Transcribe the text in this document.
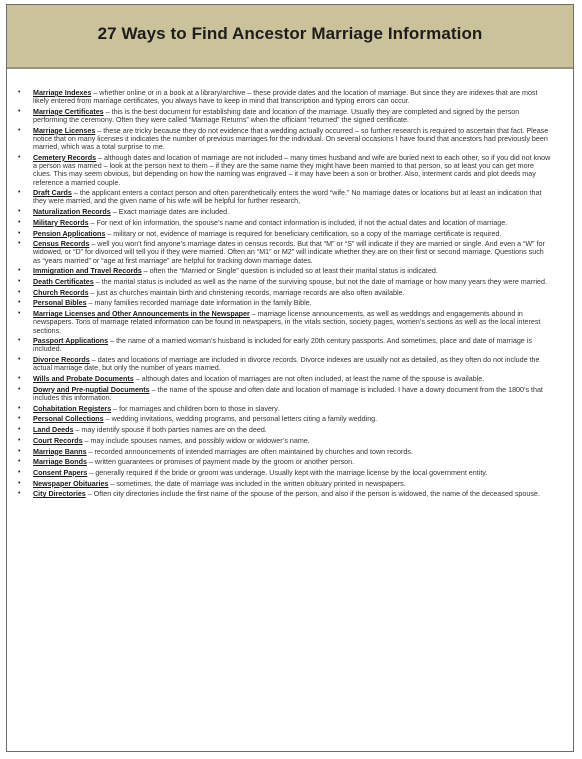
27 Ways to Find Ancestor Marriage Information
• Marriage Indexes – whether online or in a book at a library/archive – these provide dates and the location of marriage. But since they are indexes that are most likely entered from marriage certificates, you always have to keep in mind that transcription and typing errors can occur.
• Marriage Certificates – this is the best document for establishing date and location of the marriage. Usually they are completed and signed by the person performing the ceremony. Often they were called “Marriage Returns” when the officiant “returned” the signed certificate.
• Marriage Licenses – these are tricky because they do not evidence that a wedding actually occurred – so further research is required to ascertain that fact. Please notice that on many licenses it indicates the number of previous marriages for the individual. On several occasions I have found that ancestors had previously been married, which was a total surprise to me.
• Cemetery Records – although dates and location of marriage are not included – many times husband and wife are buried next to each other, so if you did not know a person was married – look at the person next to them – if they are the same name they might have been married to that person, so at least you can get more clues. This may seem obvious, but depending on how the naming was engraved – it may have been a son or brother. Also, interment cards and plot deeds may reference a married couple.
• Draft Cards – the applicant enters a contact person and often parenthetically enters the word “wife.” No marriage dates or locations but at least an indication that they were married, and the given name of his wife will be helpful for further research,
• Naturalization Records – Exact marriage dates are included.
• Military Records – For next of kin information, the spouse’s name and contact information is included, if not the actual dates and location of marriage.
• Pension Applications – military or not, evidence of marriage is required for beneficiary certification, so a copy of the marriage certificate is required.
• Census Records – well you won’t find anyone’s marriage dates in census records. But that “M” or “S” will indicate if they are married or single. And even a “W” for widowed, or “D” for divorced will tell you if they were married. Often an “M1” or M2” will indicate whether they are on their first or second marriage. Questions such as “years married” or “age at first marriage” are helpful for tracking down marriage dates.
• Immigration and Travel Records – often the “Married or Single” question is included so at least their marital status is indicated.
• Death Certificates – the marital status is included as well as the name of the surviving spouse, but not the date of marriage or how many years they were married.
• Church Records – just as churches maintain birth and christening records, marriage records are also often available.
• Personal Bibles – many families recorded marriage date information in the family Bible.
• Marriage Licenses and Other Announcements in the Newspaper – marriage license announcements, as well as weddings and engagements abound in newspapers. Tons of marriage related information can be found in newspapers, in the vitals section, society pages, women’s sections as well as the local interest sections.
• Passport Applications – the name of a married woman’s husband is included for early 20th century passports. And sometimes, place and date of marriage is included.
• Divorce Records – dates and locations of marriage are included in divorce records. Divorce indexes are usually not as detailed, as they often do not include the actual marriage date, but only the number of years married.
• Wills and Probate Documents – although dates and location of marriages are not often included, at least the name of the spouse is available.
• Dowry and Pre-nuptial Documents – the name of the spouse and often date and location of marriage is included. I have a dowry document from the 1800’s that includes this information.
• Cohabitation Registers – for marriages and children born to those in slavery.
• Personal Collections – wedding invitations, wedding programs, and personal letters citing a family wedding.
• Land Deeds – may identify spouse if both parties names are on the deed.
• Court Records – may include spouses names, and possibly widow or widower’s name.
• Marriage Banns – recorded announcements of intended marriages are often maintained by churches and town records.
• Marriage Bonds – written guarantees or promises of payment made by the groom or another person.
• Consent Papers – generally required if the bride or groom was underage. Usually kept with the marriage license by the local government entity.
• Newspaper Obituaries – sometimes, the date of marriage was included in the written obituary printed in newspapers.
• City Directories – Often city directories include the first name of the spouse of the person, and also if the person is widowed, the name of the deceased spouse.
